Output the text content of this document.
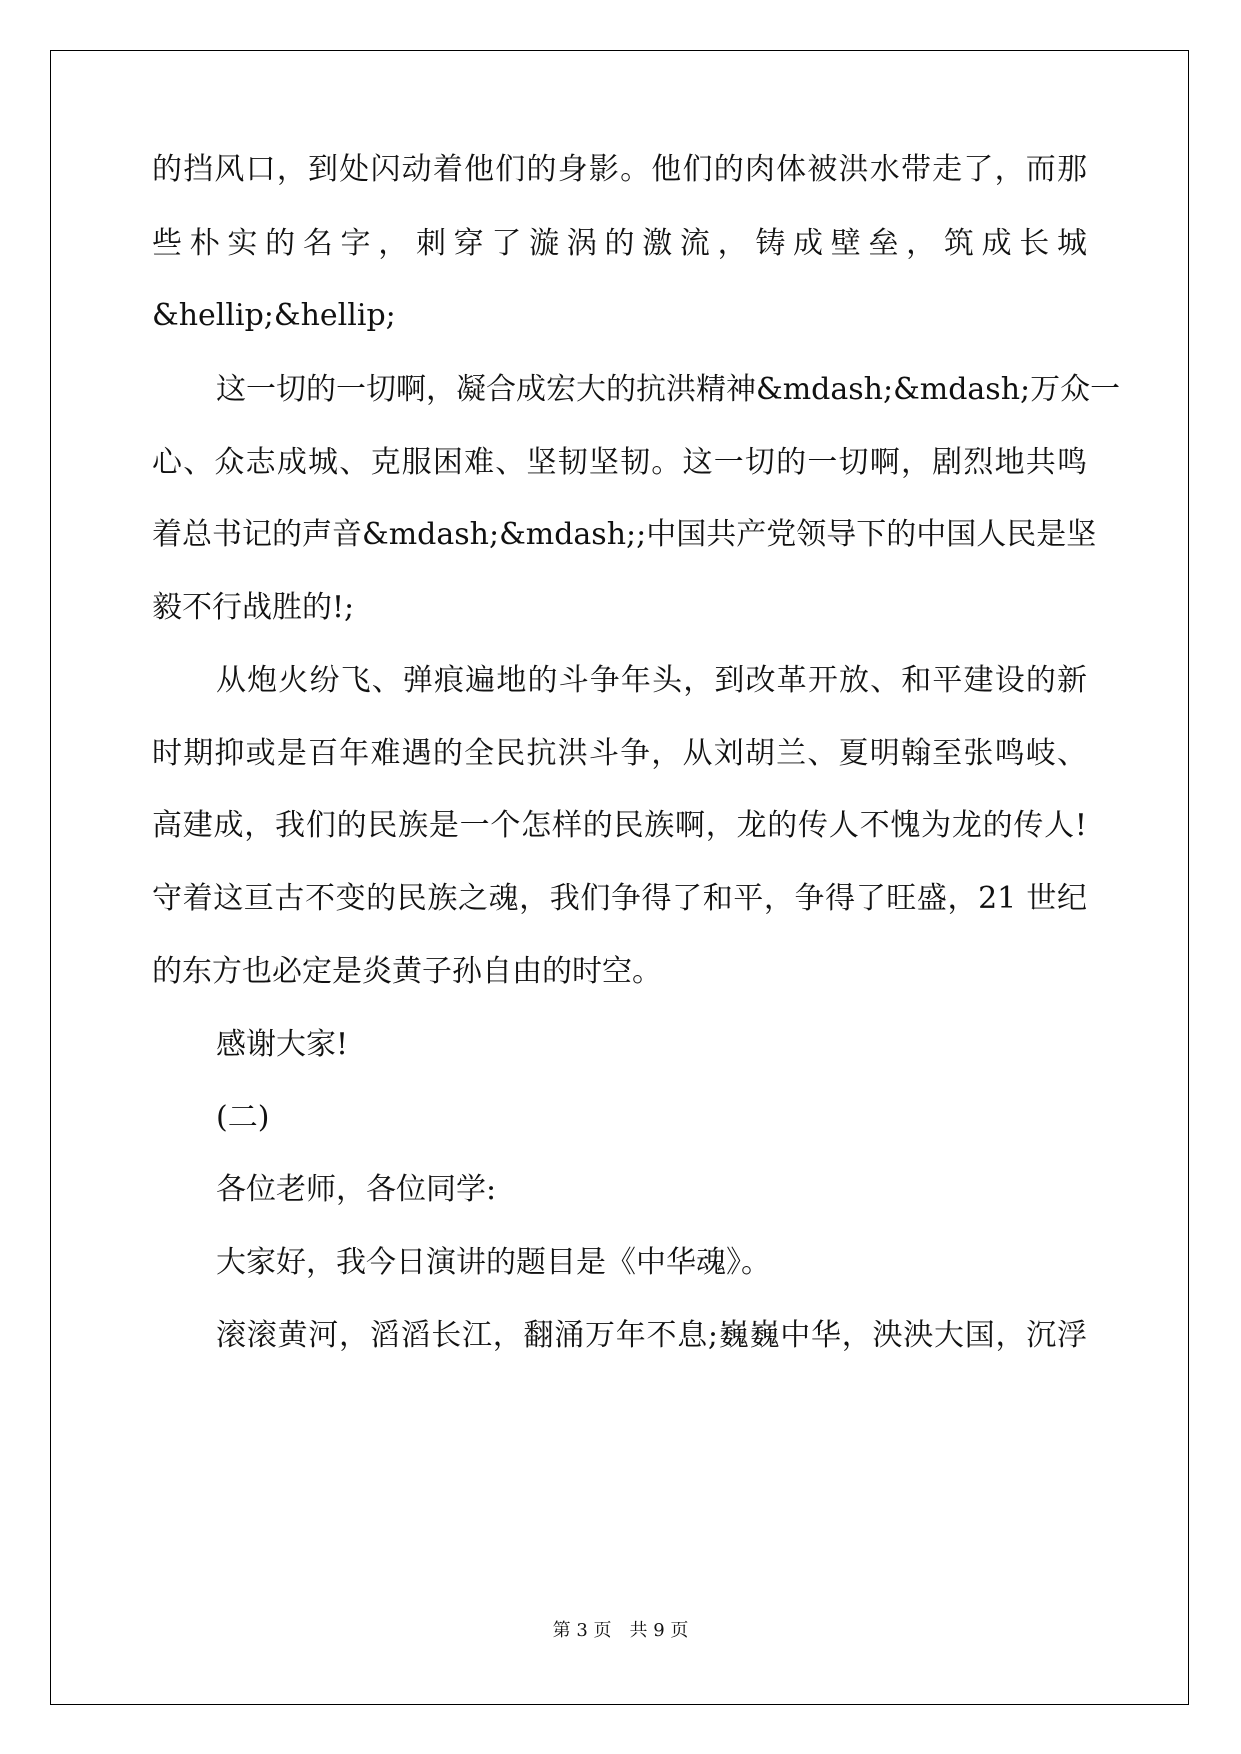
的挡风口，到处闪动着他们的身影。他们的肉体被洪水带走了，而那

些朴实的名字，刺穿了漩涡的激流，铸成壁垒，筑成长城

&hellip;&hellip;

这一切的一切啊，凝合成宏大的抗洪精神&mdash;&mdash;万众一

心、众志成城、克服困难、坚韧坚韧。这一切的一切啊，剧烈地共鸣

着总书记的声音&mdash;&mdash;;中国共产党领导下的中国人民是坚

毅不行战胜的!;

从炮火纷飞、弹痕遍地的斗争年头，到改革开放、和平建设的新

时期抑或是百年难遇的全民抗洪斗争，从刘胡兰、夏明翰至张鸣岐、

高建成，我们的民族是一个怎样的民族啊，龙的传人不愧为龙的传人!

守着这亘古不变的民族之魂，我们争得了和平，争得了旺盛，21 世纪

的东方也必定是炎黄子孙自由的时空。

感谢大家!

(二)

各位老师，各位同学:

大家好，我今日演讲的题目是《中华魂》。

滚滚黄河，滔滔长江，翻涌万年不息;巍巍中华，泱泱大国，沉浮

第 3 页　共 9 页
